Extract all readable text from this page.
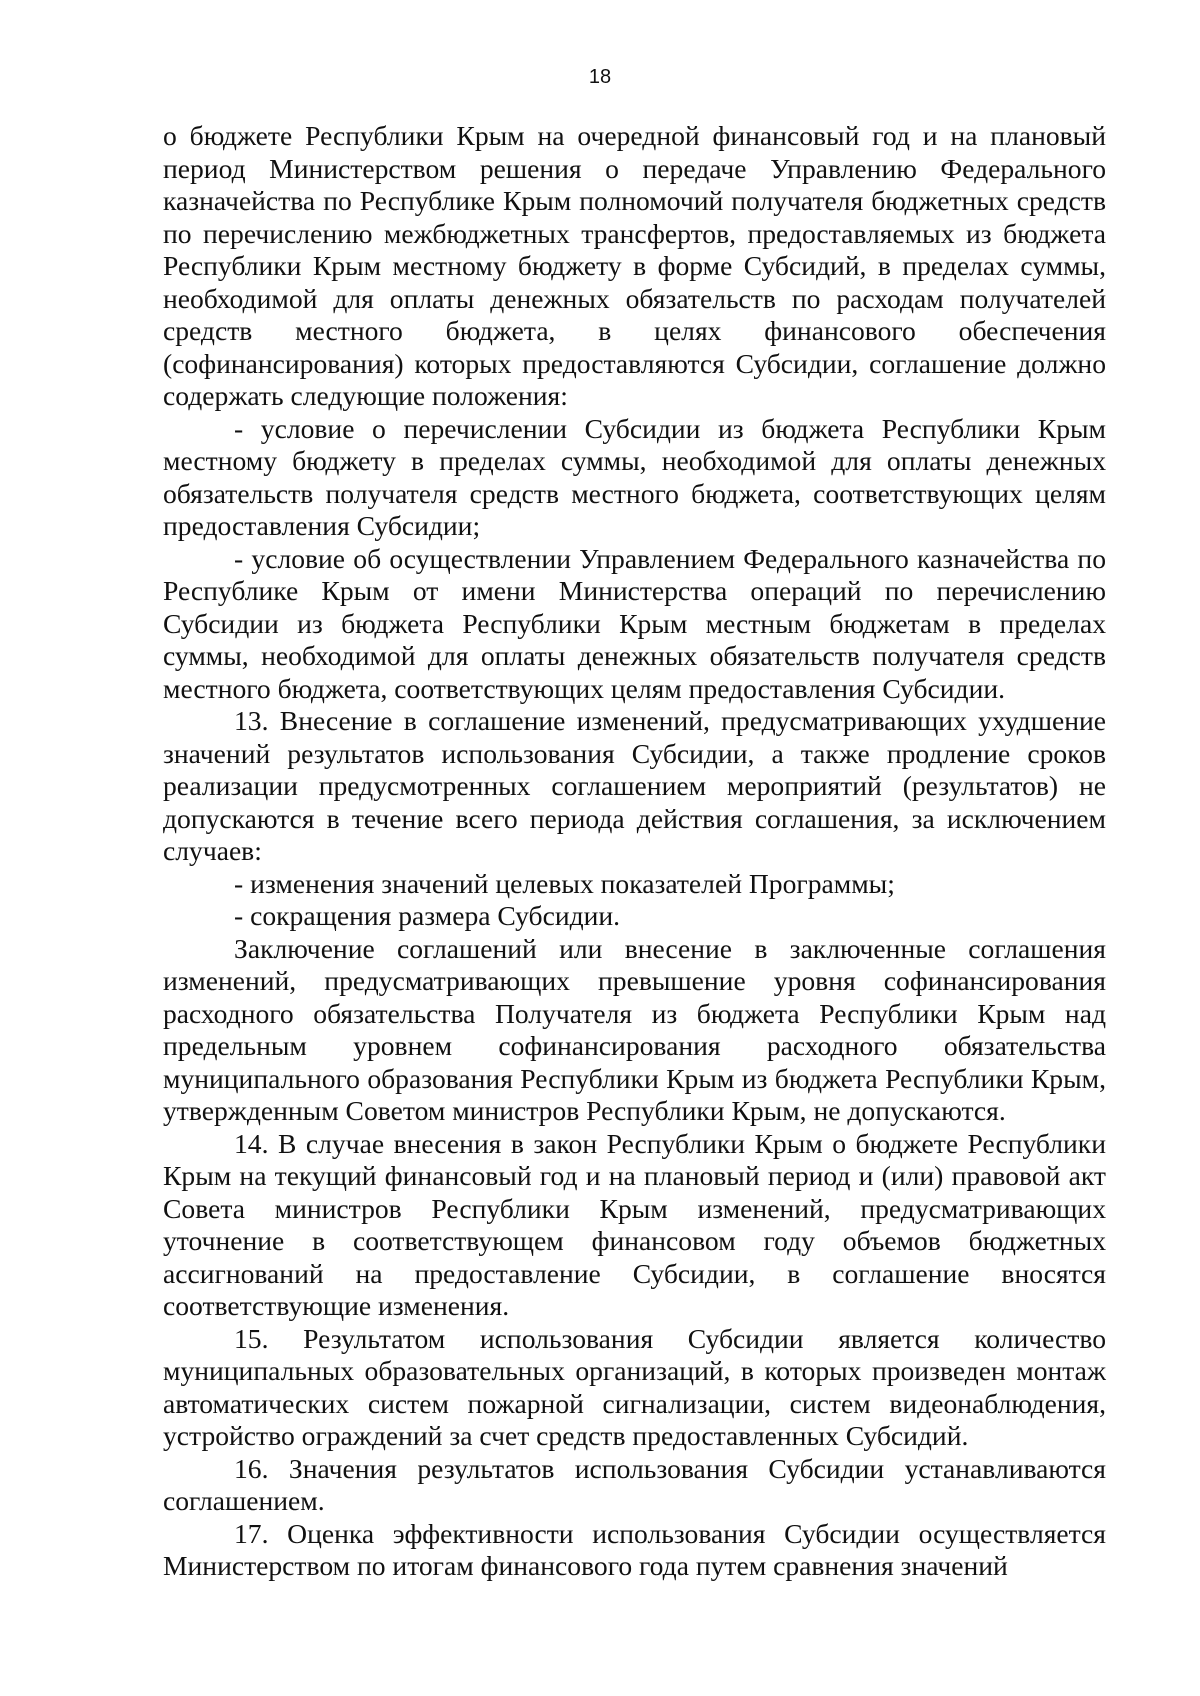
18

о бюджете Республики Крым на очередной финансовый год и на плановый период Министерством решения о передаче Управлению Федерального казначейства по Республике Крым полномочий получателя бюджетных средств по перечислению межбюджетных трансфертов, предоставляемых из бюджета Республики Крым местному бюджету в форме Субсидий, в пределах суммы, необходимой для оплаты денежных обязательств по расходам получателей средств местного бюджета, в целях финансового обеспечения (софинансирования) которых предоставляются Субсидии, соглашение должно содержать следующие положения:

- условие о перечислении Субсидии из бюджета Республики Крым местному бюджету в пределах суммы, необходимой для оплаты денежных обязательств получателя средств местного бюджета, соответствующих целям предоставления Субсидии;

- условие об осуществлении Управлением Федерального казначейства по Республике Крым от имени Министерства операций по перечислению Субсидии из бюджета Республики Крым местным бюджетам в пределах суммы, необходимой для оплаты денежных обязательств получателя средств местного бюджета, соответствующих целям предоставления Субсидии.

13. Внесение в соглашение изменений, предусматривающих ухудшение значений результатов использования Субсидии, а также продление сроков реализации предусмотренных соглашением мероприятий (результатов) не допускаются в течение всего периода действия соглашения, за исключением случаев:

- изменения значений целевых показателей Программы;

- сокращения размера Субсидии.

Заключение соглашений или внесение в заключенные соглашения изменений, предусматривающих превышение уровня софинансирования расходного обязательства Получателя из бюджета Республики Крым над предельным уровнем софинансирования расходного обязательства муниципального образования Республики Крым из бюджета Республики Крым, утвержденным Советом министров Республики Крым, не допускаются.

14. В случае внесения в закон Республики Крым о бюджете Республики Крым на текущий финансовый год и на плановый период и (или) правовой акт Совета министров Республики Крым изменений, предусматривающих уточнение в соответствующем финансовом году объемов бюджетных ассигнований на предоставление Субсидии, в соглашение вносятся соответствующие изменения.

15. Результатом использования Субсидии является количество муниципальных образовательных организаций, в которых произведен монтаж автоматических систем пожарной сигнализации, систем видеонаблюдения, устройство ограждений за счет средств предоставленных Субсидий.

16. Значения результатов использования Субсидии устанавливаются соглашением.

17. Оценка эффективности использования Субсидии осуществляется Министерством по итогам финансового года путем сравнения значений
